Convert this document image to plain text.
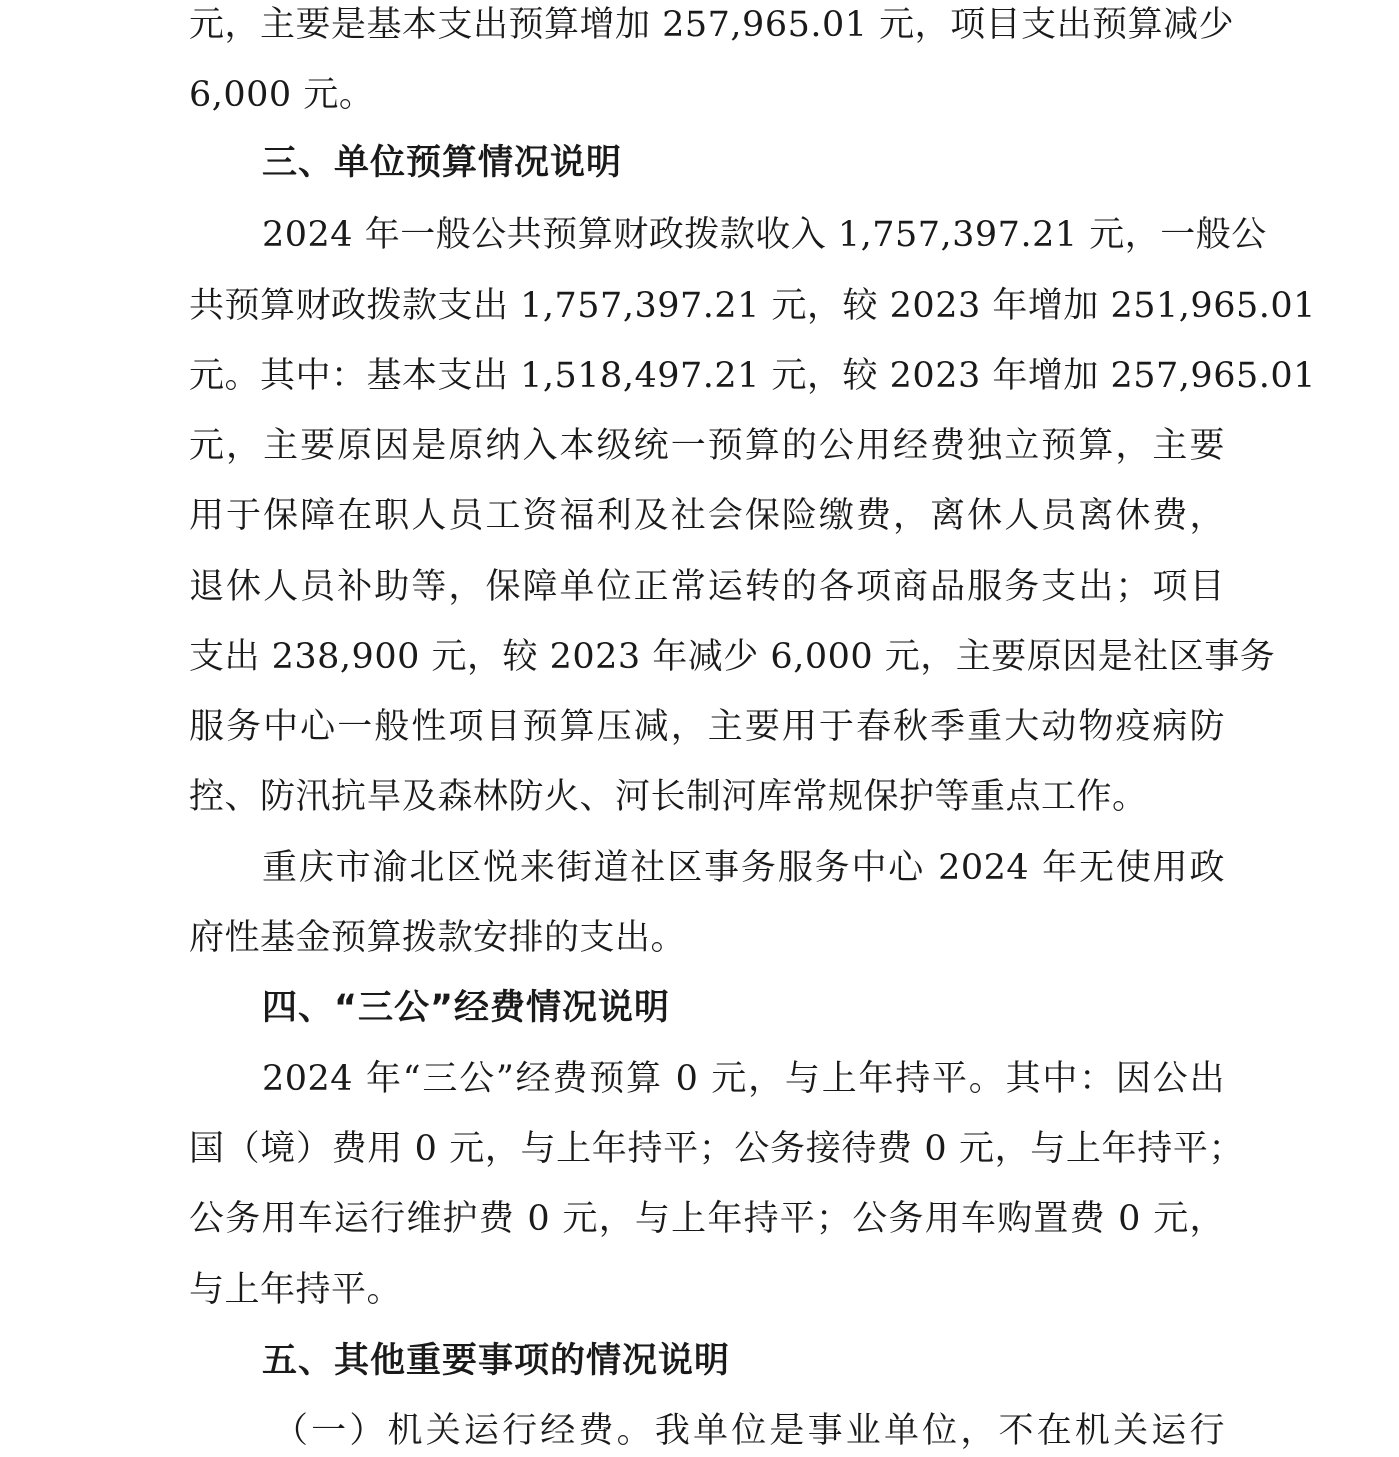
元，主要是基本支出预算增加 257,965.01 元，项目支出预算减少
6,000 元。
三、单位预算情况说明
2024 年一般公共预算财政拨款收入 1,757,397.21 元，一般公
共预算财政拨款支出 1,757,397.21 元，较 2023 年增加 251,965.01
元。其中：基本支出 1,518,497.21 元，较 2023 年增加 257,965.01
元，主要原因是原纳入本级统一预算的公用经费独立预算，主要
用于保障在职人员工资福利及社会保险缴费，离休人员离休费，
退休人员补助等，保障单位正常运转的各项商品服务支出；项目
支出 238,900 元，较 2023 年减少 6,000 元，主要原因是社区事务
服务中心一般性项目预算压减，主要用于春秋季重大动物疫病防
控、防汛抗旱及森林防火、河长制河库常规保护等重点工作。
重庆市渝北区悦来街道社区事务服务中心 2024 年无使用政
府性基金预算拨款安排的支出。
四、“三公”经费情况说明
2024 年“三公”经费预算 0 元，与上年持平。其中：因公出
国（境）费用 0 元，与上年持平；公务接待费 0 元，与上年持平；
公务用车运行维护费 0 元，与上年持平；公务用车购置费 0 元，
与上年持平。
五、其他重要事项的情况说明
（一）机关运行经费。我单位是事业单位，不在机关运行
